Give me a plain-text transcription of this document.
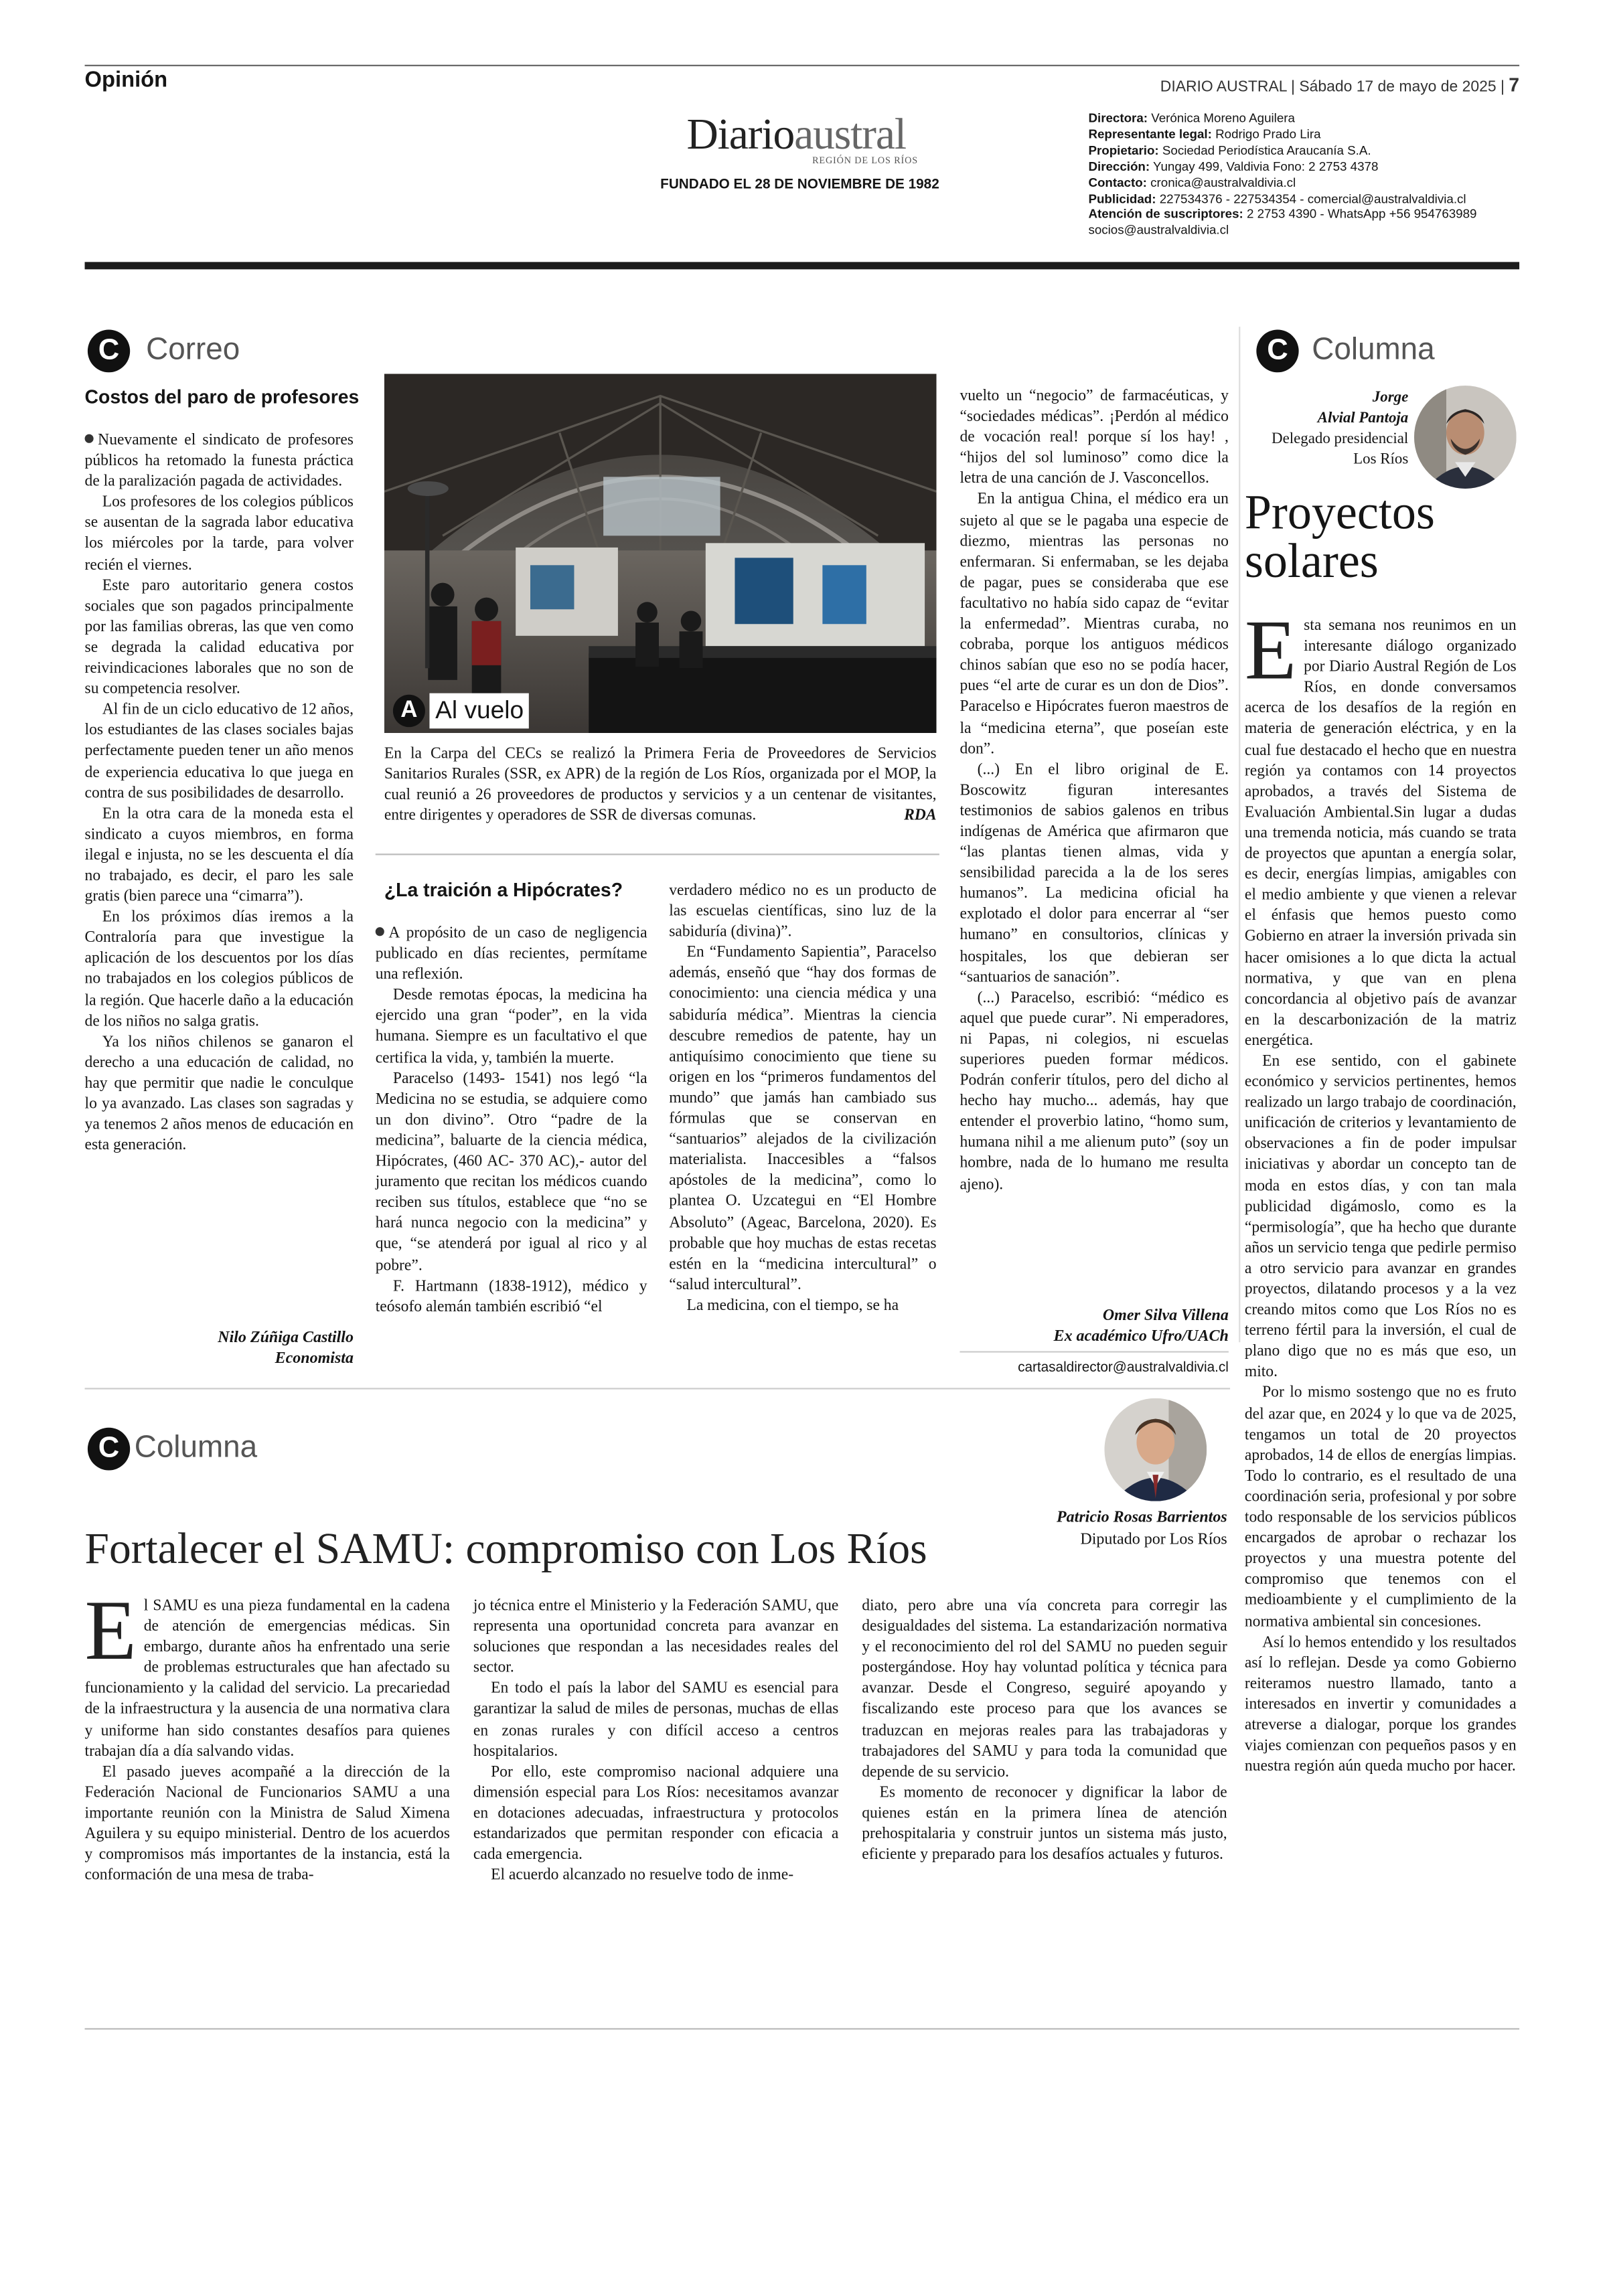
Opinión	DIARIO AUSTRAL | Sábado 17 de mayo de 2025 | 7
Diarioaustral
REGIÓN DE LOS RÍOS
FUNDADO EL 28 DE NOVIEMBRE DE 1982
Directora: Verónica Moreno Aguilera
Representante legal: Rodrigo Prado Lira
Propietario: Sociedad Periodística Araucanía S.A.
Dirección: Yungay 499, Valdivia Fono: 2 2753 4378
Contacto: cronica@australvaldivia.cl
Publicidad: 227534376 - 227534354 - comercial@australvaldivia.cl
Atención de suscriptores: 2 2753 4390 - WhatsApp +56 954763989
socios@australvaldivia.cl
C	Correo
Costos del paro de profesores

Nuevamente el sindicato de profesores públicos ha retomado la funesta práctica de la paralización pagada de actividades.

Los profesores de los colegios públicos se ausentan de la sagrada labor educativa los miércoles por la tarde, para volver recién el viernes.

Este paro autoritario genera costos sociales que son pagados principalmente por las familias obreras, las que ven como se degrada la calidad educativa por reivindicaciones laborales que no son de su competencia resolver.

Al fin de un ciclo educativo de 12 años, los estudiantes de las clases sociales bajas perfectamente pueden tener un año menos de experiencia educativa lo que juega en contra de sus posibilidades de desarrollo.

En la otra cara de la moneda esta el sindicato a cuyos miembros, en forma ilegal e injusta, no se les descuenta el día no trabajado, es decir, el paro les sale gratis (bien parece una “cimarra”).

En los próximos días iremos a la Contraloría para que investigue la aplicación de los descuentos por los días no trabajados en los colegios públicos de la región. Que hacerle daño a la educación de los niños no salga gratis.

Ya los niños chilenos se ganaron el derecho a una educación de calidad, no hay que permitir que nadie le conculque lo ya avanzado. Las clases son sagradas y ya tenemos 2 años menos de educación en esta generación.

Nilo Zúñiga Castillo
Economista
A	Al vuelo
En la Carpa del CECs se realizó la Primera Feria de Proveedores de Servicios Sanitarios Rurales (SSR, ex APR) de la región de Los Ríos, organizada por el MOP, la cual reunió a 26 proveedores de productos y servicios y a un centenar de visitantes, entre dirigentes y operadores de SSR de diversas comunas.	RDA
¿La traición a Hipócrates?

A propósito de un caso de negligencia publicado en días recientes, permítame una reflexión.

Desde remotas épocas, la medicina ha ejercido una gran “poder”, en la vida humana. Siempre es un facultativo el que certifica la vida, y, también la muerte.

Paracelso (1493- 1541) nos legó “la Medicina no se estudia, se adquiere como un don divino”. Otro “padre de la medicina”, baluarte de la ciencia médica, Hipócrates, (460 AC- 370 AC),- autor del juramento que recitan los médicos cuando reciben sus títulos, establece que “no se hará nunca negocio con la medicina” y que, “se atenderá por igual al rico y al pobre”.

F. Hartmann (1838-1912), médico y teósofo alemán también escribió “el

verdadero médico no es un producto de las escuelas científicas, sino luz de la sabiduría (divina)”.

En “Fundamento Sapientia”, Paracelso además, enseñó que “hay dos formas de conocimiento: una ciencia médica y una sabiduría médica”. Mientras la ciencia descubre remedios de patente, hay un antiquísimo conocimiento que tiene su origen en los “primeros fundamentos del mundo” que jamás han cambiado sus fórmulas que se conservan en “santuarios” alejados de la civilización materialista. Inaccesibles a “falsos apóstoles de la medicina”, como lo plantea O. Uzcategui en “El Hombre Absoluto” (Ageac, Barcelona, 2020). Es probable que hoy muchas de estas recetas estén en la “medicina intercultural” o “salud intercultural”.

La medicina, con el tiempo, se ha

vuelto un “negocio” de farmacéuticas, y “sociedades médicas”. ¡Perdón al médico de vocación real! porque sí los hay! , “hijos del sol luminoso” como dice la letra de una canción de J. Vasconcellos.

En la antigua China, el médico era un sujeto al que se le pagaba una especie de diezmo, mientras las personas no enfermaran. Si enfermaban, se les dejaba de pagar, pues se consideraba que ese facultativo no había sido capaz de “evitar la enfermedad”. Mientras curaba, no cobraba, porque los antiguos médicos chinos sabían que eso no se podía hacer, pues “el arte de curar es un don de Dios”. Paracelso e Hipócrates fueron maestros de la “medicina eterna”, que poseían este don”.

(...) En el libro original de E. Boscowitz figuran interesantes testimonios de sabios galenos en tribus indígenas de América que afirmaron que “las plantas tienen almas, vida y sensibilidad parecida a la de los seres humanos”. La medicina oficial ha explotado el dolor para encerrar al “ser humano” en consultorios, clínicas y hospitales, los que debieran ser “santuarios de sanación”.

(...) Paracelso, escribió: “médico es aquel que puede curar”. Ni emperadores, ni Papas, ni colegios, ni escuelas superiores pueden formar médicos. Podrán conferir títulos, pero del dicho al hecho hay mucho... además, hay que entender el proverbio latino, “homo sum, humana nihil a me alienum puto” (soy un hombre, nada de lo humano me resulta ajeno).

Omer Silva Villena
Ex académico Ufro/UACh
cartasaldirector@australvaldivia.cl
C	Columna
Jorge
Alvial Pantoja
Delegado presidencial
Los Ríos
Proyectos
solares

E sta semana nos reunimos en un interesante diálogo organizado por Diario Austral Región de Los Ríos, en donde conversamos acerca de los desafíos de la región en materia de generación eléctrica, y en la cual fue destacado el hecho que en nuestra región ya contamos con 14 proyectos aprobados, a través del Sistema de Evaluación Ambiental.Sin lugar a dudas una tremenda noticia, más cuando se trata de proyectos que apuntan a energía solar, es decir, energías limpias, amigables con el medio ambiente y que vienen a relevar el énfasis que hemos puesto como Gobierno en atraer la inversión privada sin hacer omisiones a lo que dicta la actual normativa, y que van en plena concordancia al objetivo país de avanzar en la descarbonización de la matriz energética.

En ese sentido, con el gabinete económico y servicios pertinentes, hemos realizado un largo trabajo de coordinación, unificación de criterios y levantamiento de observaciones a fin de poder impulsar iniciativas y abordar un concepto tan de moda en estos días, y con tan mala publicidad digámoslo, como es la “permisología”, que ha hecho que durante años un servicio tenga que pedirle permiso a otro servicio para avanzar en grandes proyectos, dilatando procesos y a la vez creando mitos como que Los Ríos no es terreno fértil para la inversión, el cual de plano digo que no es más que eso, un mito.

Por lo mismo sostengo que no es fruto del azar que, en 2024 y lo que va de 2025, tengamos un total de 20 proyectos aprobados, 14 de ellos de energías limpias. Todo lo contrario, es el resultado de una coordinación seria, profesional y por sobre todo responsable de los servicios públicos encargados de aprobar o rechazar los proyectos y una muestra potente del compromiso que tenemos con el medioambiente y el cumplimiento de la normativa ambiental sin concesiones.

Así lo hemos entendido y los resultados así lo reflejan. Desde ya como Gobierno reiteramos nuestro llamado, tanto a interesados en invertir y comunidades a atreverse a dialogar, porque los grandes viajes comienzan con pequeños pasos y en nuestra región aún queda mucho por hacer.

C	Columna
Patricio Rosas Barrientos
Diputado por Los Ríos
Fortalecer el SAMU: compromiso con Los Ríos

E l SAMU es una pieza fundamental en la cadena de atención de emergencias médicas. Sin embargo, durante años ha enfrentado una serie de problemas estructurales que han afectado su funcionamiento y la calidad del servicio. La precariedad de la infraestructura y la ausencia de una normativa clara y uniforme han sido constantes desafíos para quienes trabajan día a día salvando vidas.

El pasado jueves acompañé a la dirección de la Federación Nacional de Funcionarios SAMU a una importante reunión con la Ministra de Salud Ximena Aguilera y su equipo ministerial. Dentro de los acuerdos y compromisos más importantes de la instancia, está la conformación de una mesa de traba-

jo técnica entre el Ministerio y la Federación SAMU, que representa una oportunidad concreta para avanzar en soluciones que respondan a las necesidades reales del sector.

En todo el país la labor del SAMU es esencial para garantizar la salud de miles de personas, muchas de ellas en zonas rurales y con difícil acceso a centros hospitalarios.

Por ello, este compromiso nacional adquiere una dimensión especial para Los Ríos: necesitamos avanzar en dotaciones adecuadas, infraestructura y protocolos estandarizados que permitan responder con eficacia a cada emergencia.

El acuerdo alcanzado no resuelve todo de inme-

diato, pero abre una vía concreta para corregir las desigualdades del sistema. La estandarización normativa y el reconocimiento del rol del SAMU no pueden seguir postergándose. Hoy hay voluntad política y técnica para avanzar. Desde el Congreso, seguiré apoyando y fiscalizando este proceso para que los avances se traduzcan en mejoras reales para las trabajadoras y trabajadores del SAMU y para toda la comunidad que depende de su servicio.

Es momento de reconocer y dignificar la labor de quienes están en la primera línea de atención prehospitalaria y construir juntos un sistema más justo, eficiente y preparado para los desafíos actuales y futuros.
